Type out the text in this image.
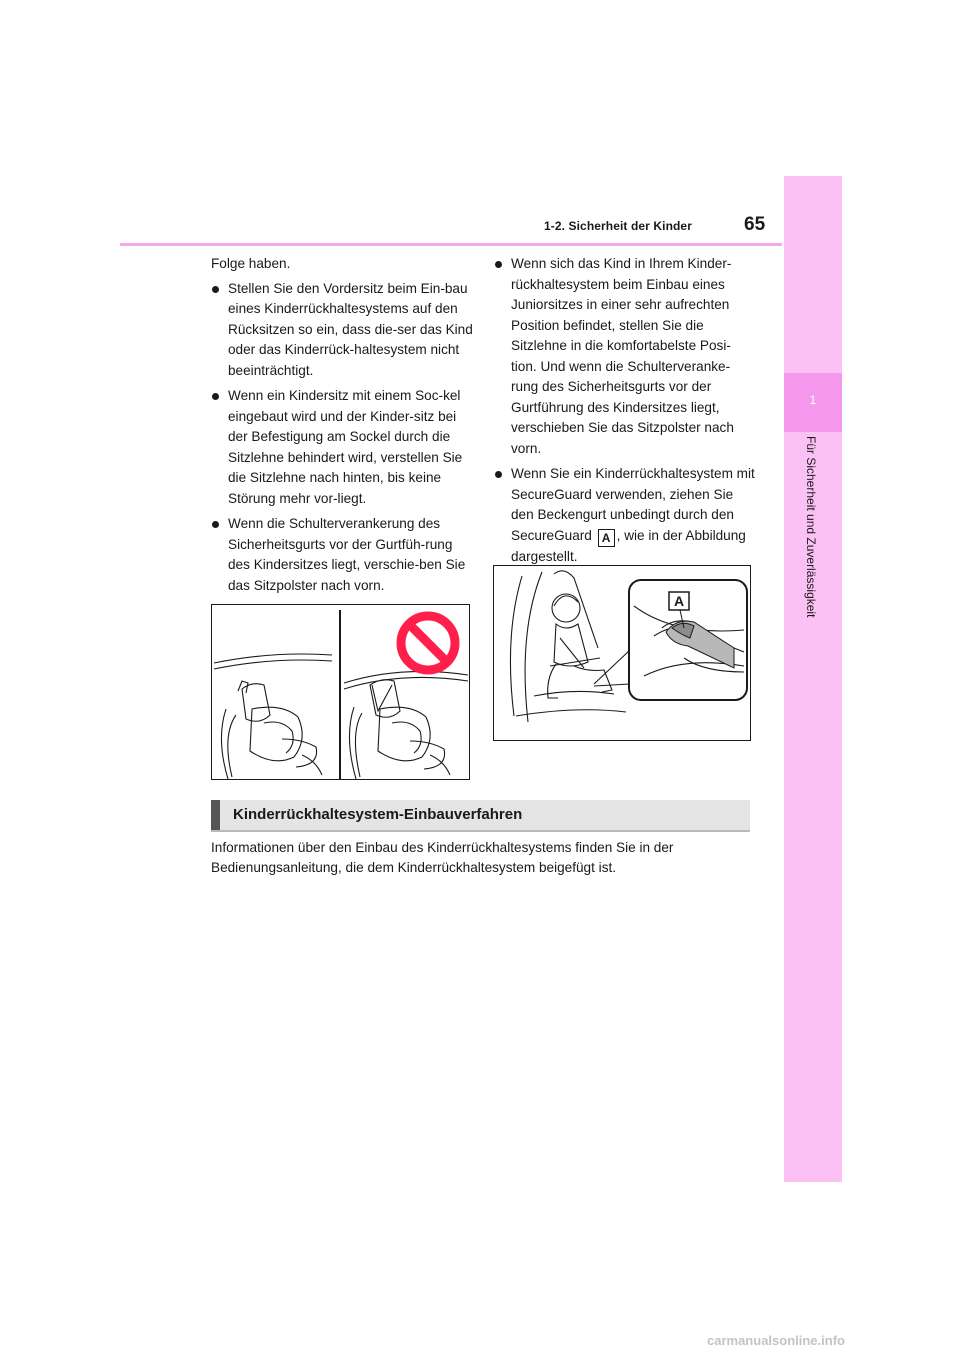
1-2. Sicherheit der Kinder	65
1
Für Sicherheit und Zuverlässigkeit

Folge haben.

Stellen Sie den Vordersitz beim Ein-bau eines Kinderrückhaltesystems auf den Rücksitzen so ein, dass die-ser das Kind oder das Kinderrück-haltesystem nicht beeinträchtigt.
Wenn ein Kindersitz mit einem Soc-kel eingebaut wird und der Kinder-sitz bei der Befestigung am Sockel durch die Sitzlehne behindert wird, verstellen Sie die Sitzlehne nach hinten, bis keine Störung mehr vor-liegt.
Wenn die Schulterverankerung des Sicherheitsgurts vor der Gurtfüh-rung des Kindersitzes liegt, verschie-ben Sie das Sitzpolster nach vorn.
Wenn sich das Kind in Ihrem Kinder-rückhaltesystem beim Einbau eines Juniorsitzes in einer sehr aufrechten Position befindet, stellen Sie die Sitzlehne in die komfortabelste Posi-tion. Und wenn die Schulterveranke-rung des Sicherheitsgurts vor der Gurtführung des Kindersitzes liegt, verschieben Sie das Sitzpolster nach vorn.
Wenn Sie ein Kinderrückhaltesystem mit SecureGuard verwenden, ziehen Sie den Beckengurt unbedingt durch den SecureGuard A , wie in der Abbildung dargestellt.
A
Kinderrückhaltesystem-Einbauverfahren
Informationen über den Einbau des Kinderrückhaltesystems finden Sie in der Bedienungsanleitung, die dem Kinderrückhaltesystem beigefügt ist.
carmanualsonline.info
